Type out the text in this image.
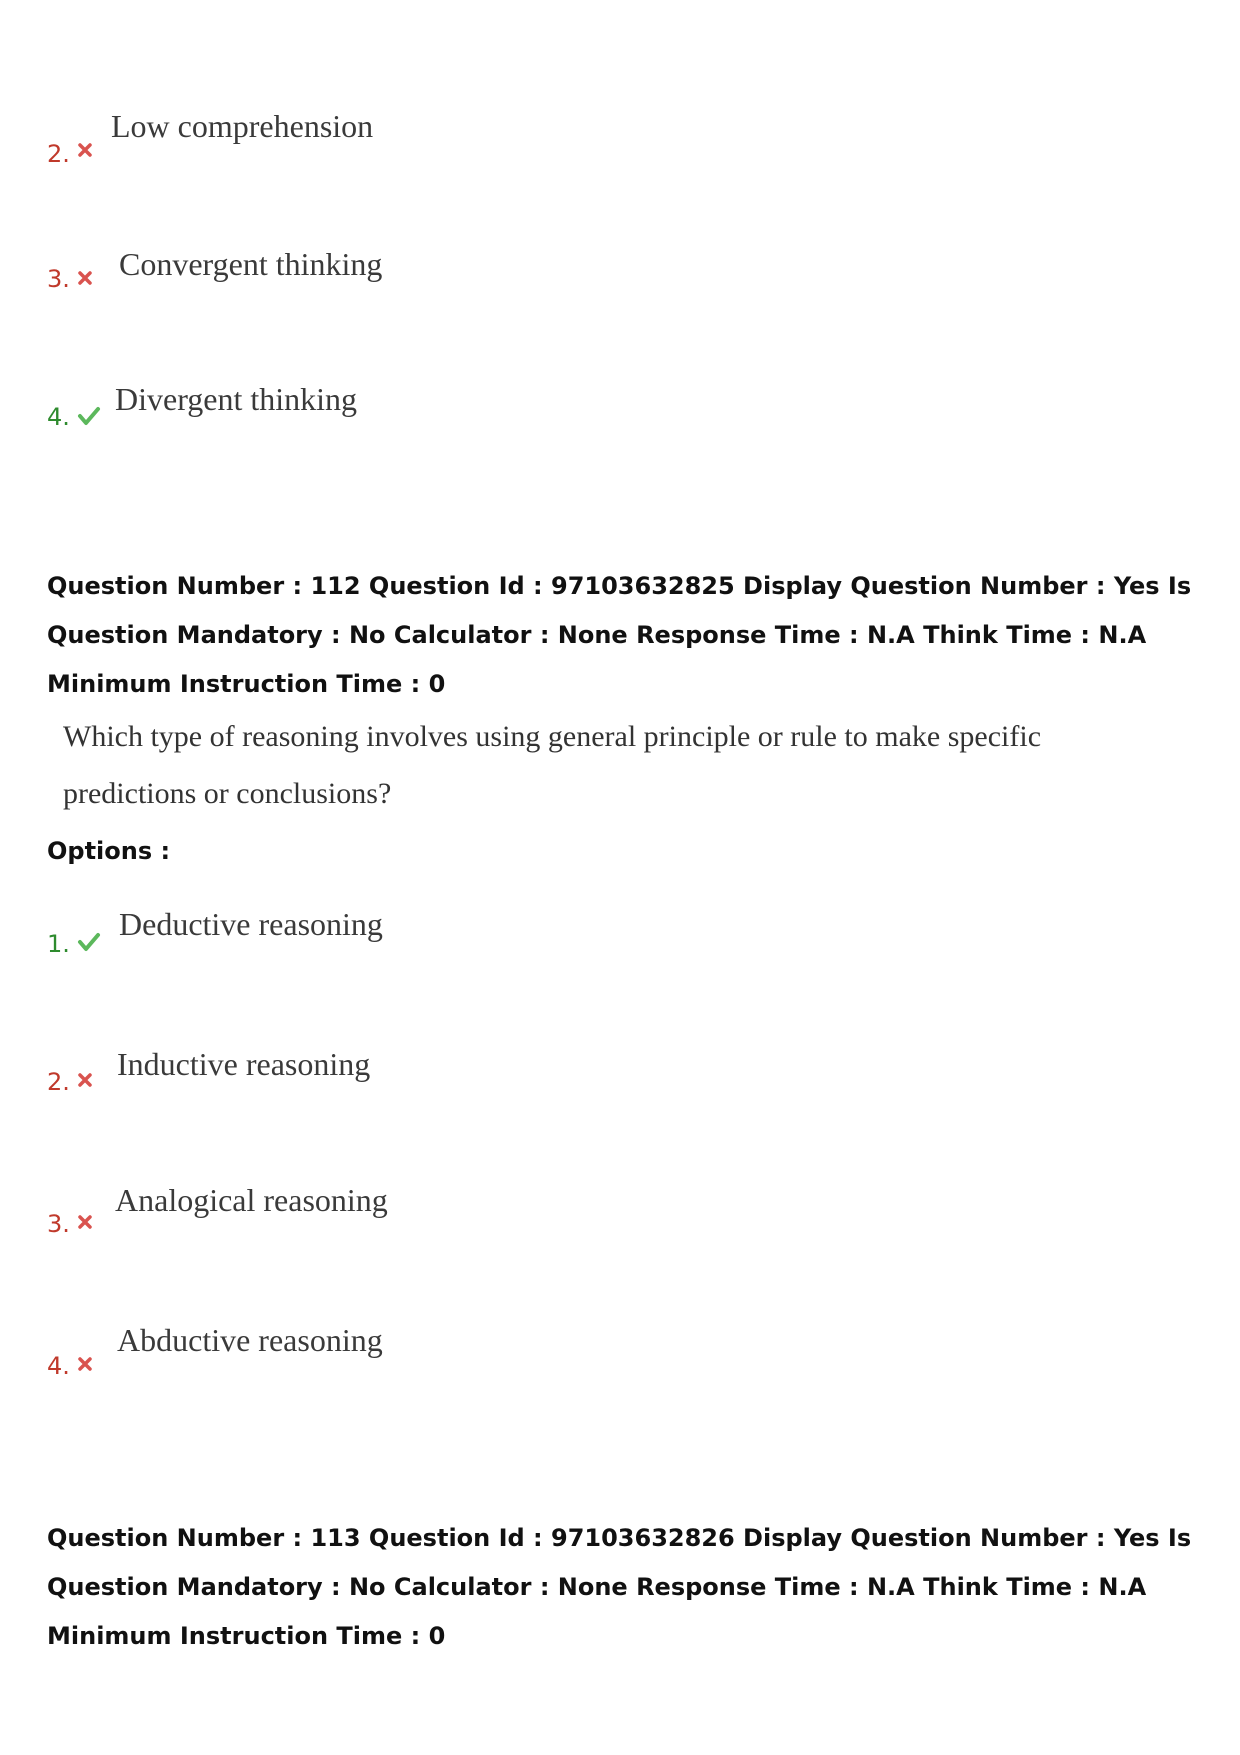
2.
Low comprehension
3. Convergent thinking
4. Divergent thinking

Question Number : 112 Question Id : 97103632825 Display Question Number : Yes Is Question Mandatory : No Calculator : None Response Time : N.A Think Time : N.A Minimum Instruction Time : 0

Which type of reasoning involves using general principle or rule to make specific predictions or conclusions?

Options :
1.
Deductive reasoning
2. Inductive reasoning
3.
Analogical reasoning
4.
Abductive reasoning

Question Number : 113 Question Id : 97103632826 Display Question Number : Yes Is Question Mandatory : No Calculator : None Response Time : N.A Think Time : N.A Minimum Instruction Time : 0
